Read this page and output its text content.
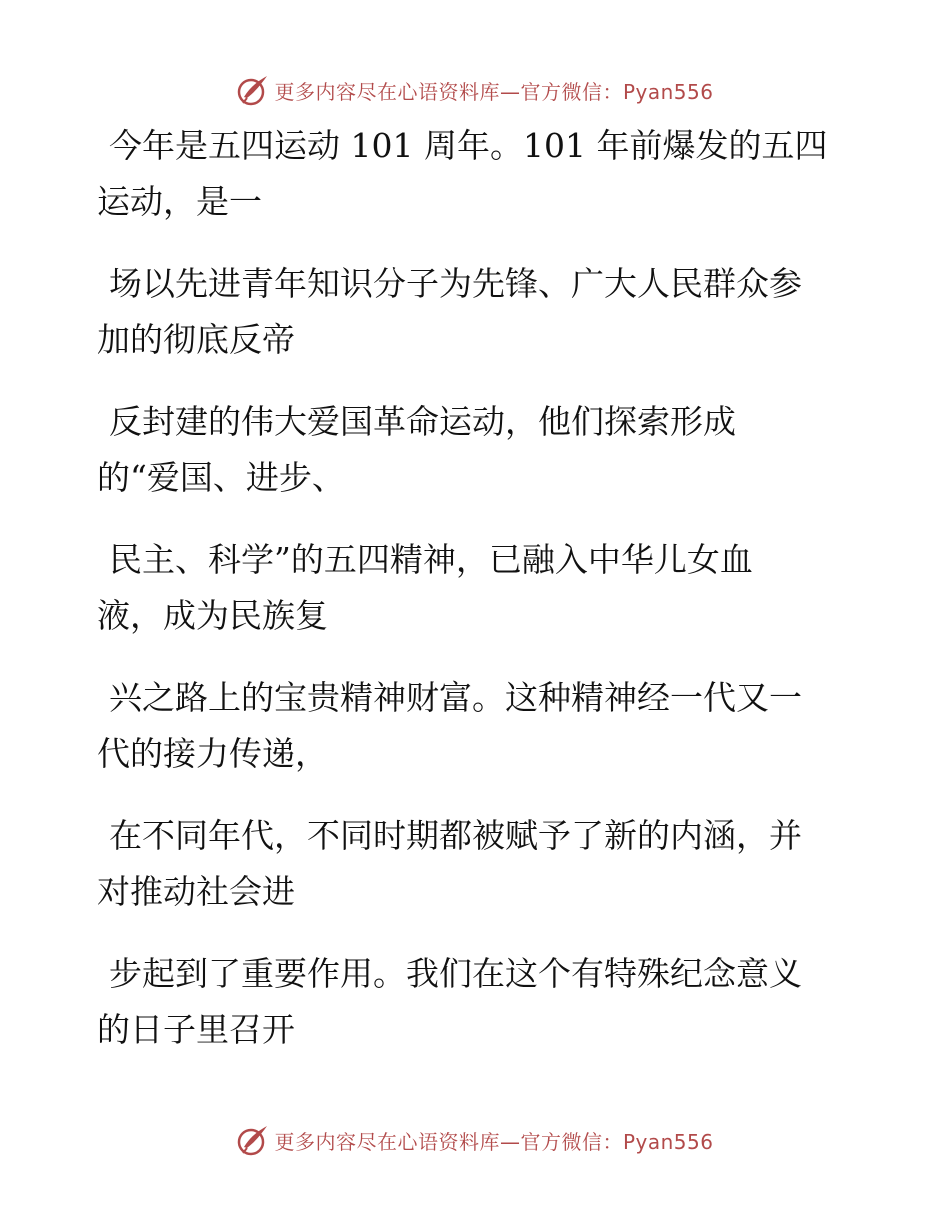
更多内容尽在心语资料库—官方微信：Pyan556
今年是五四运动 101 周年。101 年前爆发的五四
运动，是一
场以先进青年知识分子为先锋、广大人民群众参
加的彻底反帝
反封建的伟大爱国革命运动，他们探索形成
的“爱国、进步、
民主、科学”的五四精神，已融入中华儿女血
液，成为民族复
兴之路上的宝贵精神财富。这种精神经一代又一
代的接力传递，
在不同年代，不同时期都被赋予了新的内涵，并
对推动社会进
步起到了重要作用。我们在这个有特殊纪念意义
的日子里召开
更多内容尽在心语资料库—官方微信：Pyan556
